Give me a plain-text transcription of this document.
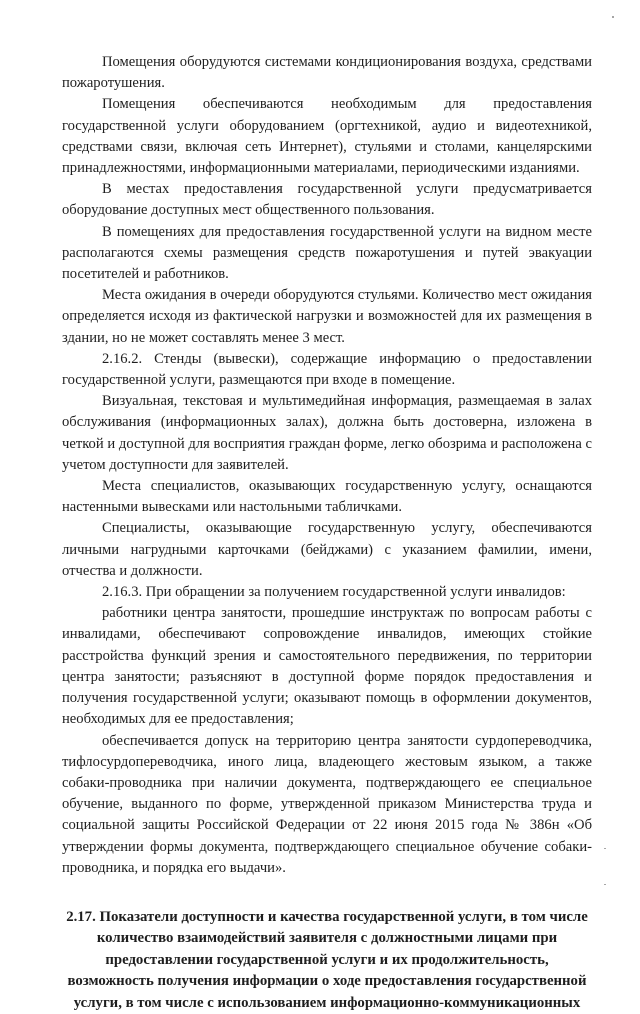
Помещения оборудуются системами кондиционирования воздуха, средствами пожаротушения.

Помещения обеспечиваются необходимым для предоставления государственной услуги оборудованием (оргтехникой, аудио и видеотехникой, средствами связи, включая сеть Интернет), стульями и столами, канцелярскими принадлежностями, информационными материалами, периодическими изданиями.

В местах предоставления государственной услуги предусматривается оборудование доступных мест общественного пользования.

В помещениях для предоставления государственной услуги на видном месте располагаются схемы размещения средств пожаротушения и путей эвакуации посетителей и работников.

Места ожидания в очереди оборудуются стульями. Количество мест ожидания определяется исходя из фактической нагрузки и возможностей для их размещения в здании, но не может составлять менее 3 мест.

2.16.2. Стенды (вывески), содержащие информацию о предоставлении государственной услуги, размещаются при входе в помещение.

Визуальная, текстовая и мультимедийная информация, размещаемая в залах обслуживания (информационных залах), должна быть достоверна, изложена в четкой и доступной для восприятия граждан форме, легко обозрима и расположена с учетом доступности для заявителей.

Места специалистов, оказывающих государственную услугу, оснащаются настенными вывесками или настольными табличками.

Специалисты, оказывающие государственную услугу, обеспечиваются личными нагрудными карточками (бейджами) с указанием фамилии, имени, отчества и должности.

2.16.3. При обращении за получением государственной услуги инвалидов:

работники центра занятости, прошедшие инструктаж по вопросам работы с инвалидами, обеспечивают сопровождение инвалидов, имеющих стойкие расстройства функций зрения и самостоятельного передвижения, по территории центра занятости; разъясняют в доступной форме порядок предоставления и получения государственной услуги; оказывают помощь в оформлении документов, необходимых для ее предоставления;

обеспечивается допуск на территорию центра занятости сурдопереводчика, тифлосурдопереводчика, иного лица, владеющего жестовым языком, а также собаки-проводника при наличии документа, подтверждающего ее специальное обучение, выданного по форме, утвержденной приказом Министерства труда и социальной защиты Российской Федерации от 22 июня 2015 года № 386н «Об утверждении формы документа, подтверждающего специальное обучение собаки-проводника, и порядка его выдачи».

2.17. Показатели доступности и качества государственной услуги, в том числе количество взаимодействий заявителя с должностными лицами при предоставлении государственной услуги и их продолжительность, возможность получения информации о ходе предоставления государственной услуги, в том числе с использованием информационно-коммуникационных
